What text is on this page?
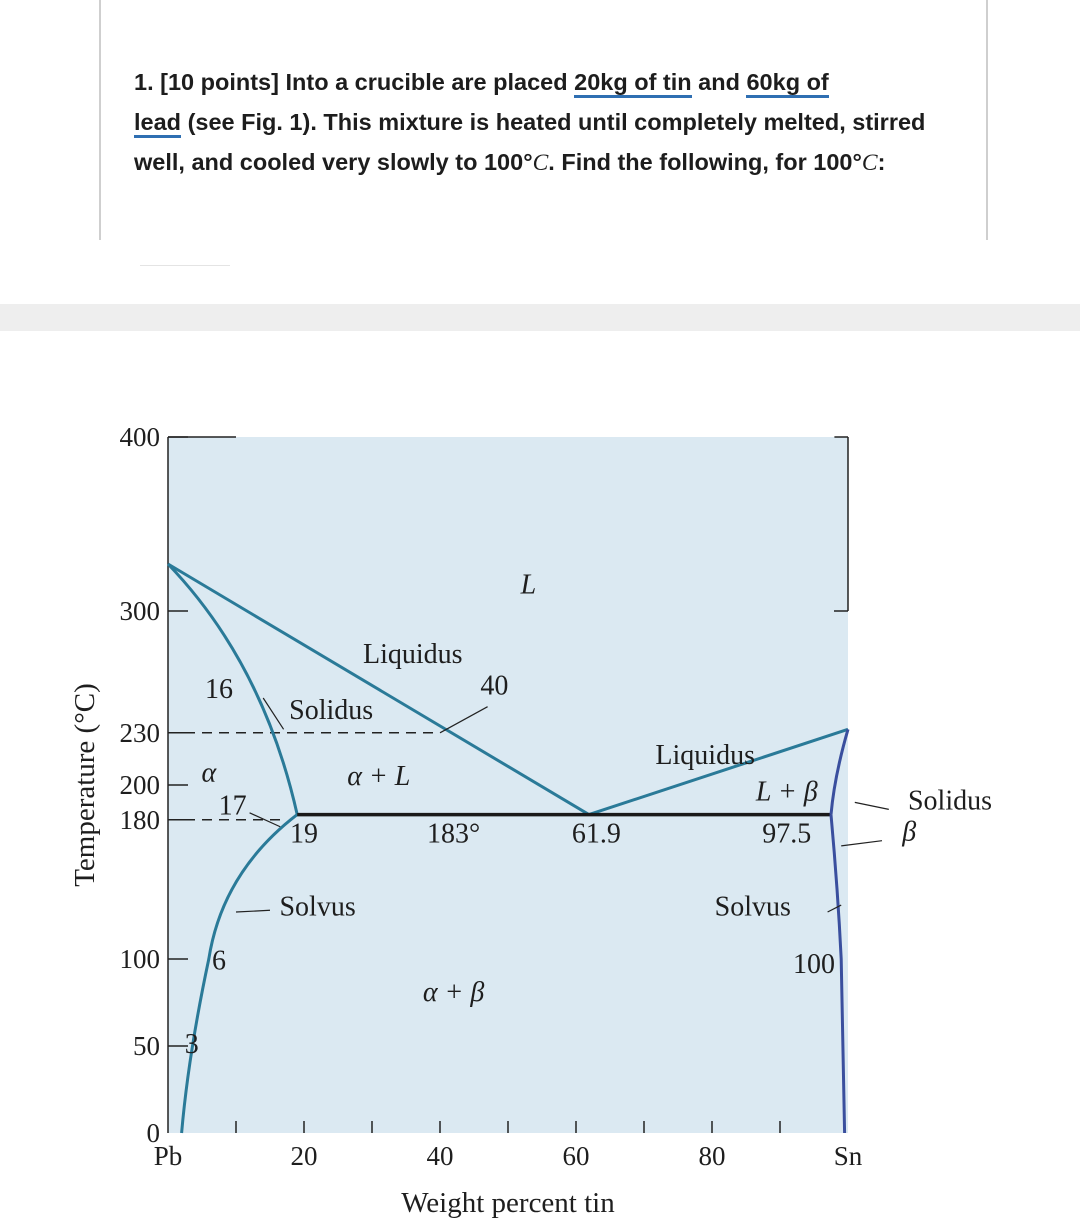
1. [10 points] Into a crucible are placed 20kg of tin and 60kg of
lead (see Fig. 1). This mixture is heated until completely melted, stirred well, and cooled very slowly to 100°C. Find the following, for 100°C:
0
50
100
180
200
230
300
400
Pb	20	40	60	80	Sn
L
Liquidus
40
Solidus
16
α	α + L
17
19	183°	61.9
Liquidus
L + β
97.5
Solidus
β
Solvus	Solvus
100
6
3
α + β
Weight percent tin
Temperature (°C)
